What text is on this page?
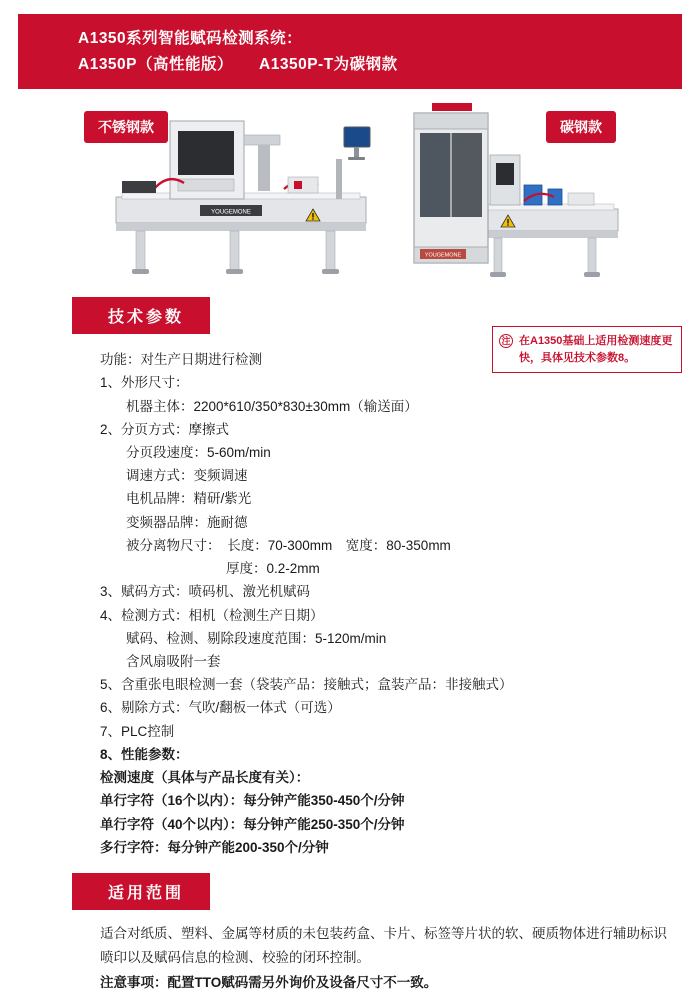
A1350系列智能赋码检测系统：
A1350P（高性能版） A1350P-T为碳钢款
不锈钢款	碳钢款
YOUGEMONE
YOUGEMONE
技术参数
注 在A1350基础上适用检测速度更快，具体见技术参数8。
功能：对生产日期进行检测
1、外形尺寸：
机器主体：2200*610/350*830±30mm（输送面）
2、分页方式：摩擦式
分页段速度：5-60m/min
调速方式：变频调速
电机品牌：精研/紫光
变频器品牌：施耐德
被分离物尺寸：　长度：70-300mm　宽度：80-350mm
厚度：0.2-2mm
3、赋码方式：喷码机、激光机赋码
4、检测方式：相机（检测生产日期）
赋码、检测、剔除段速度范围：5-120m/min
含风扇吸附一套
5、含重张电眼检测一套（袋装产品：接触式；盒装产品：非接触式）
6、剔除方式：气吹/翻板一体式（可选）
7、PLC控制
8、性能参数：
检测速度（具体与产品长度有关）：
单行字符（16个以内）：每分钟产能350-450个/分钟
单行字符（40个以内）：每分钟产能250-350个/分钟
多行字符：每分钟产能200-350个/分钟
适用范围
适合对纸质、塑料、金属等材质的未包装药盒、卡片、标签等片状的软、硬质物体进行辅助标识喷印以及赋码信息的检测、校验的闭环控制。
注意事项：配置TTO赋码需另外询价及设备尺寸不一致。
